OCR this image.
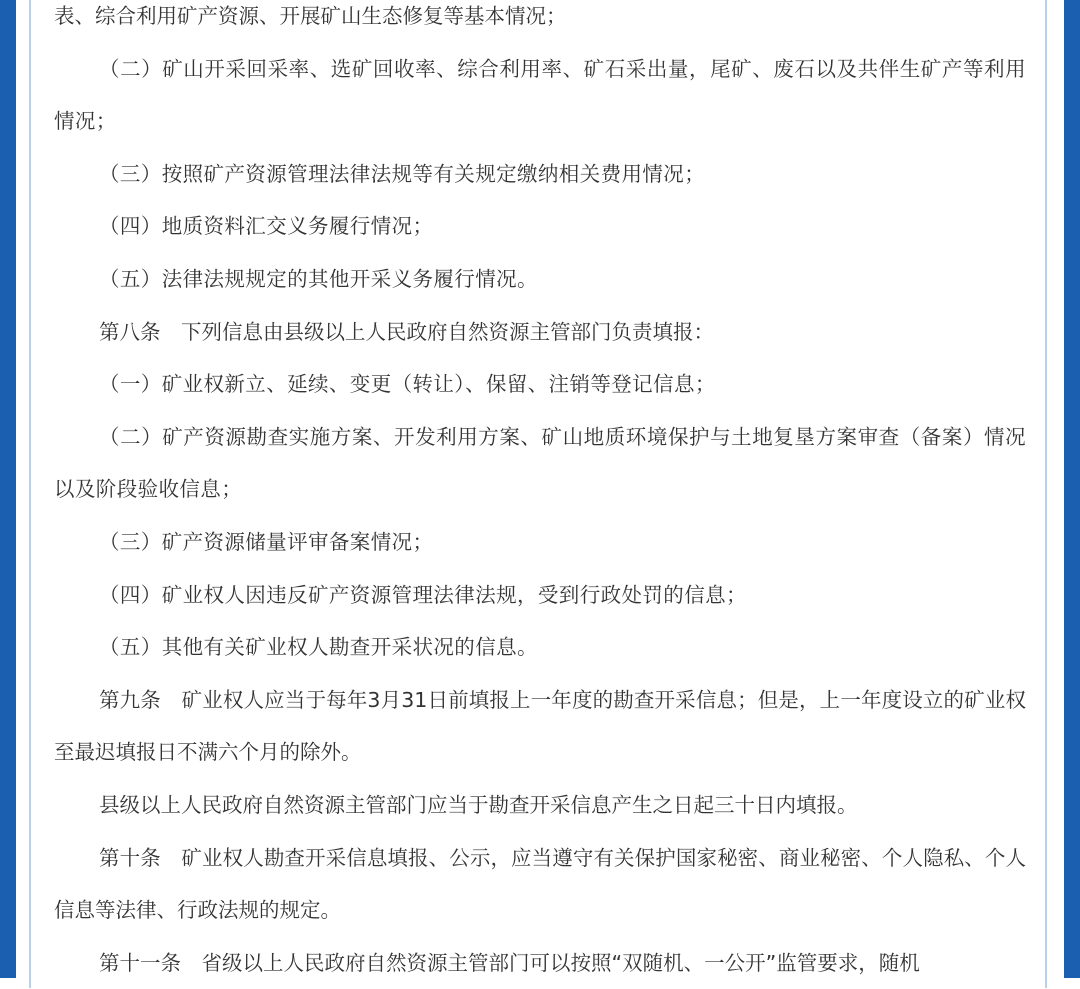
表、综合利用矿产资源、开展矿山生态修复等基本情况；

（二）矿山开采回采率、选矿回收率、综合利用率、矿石采出量，尾矿、废石以及共伴生矿产等利用情况；

（三）按照矿产资源管理法律法规等有关规定缴纳相关费用情况；

（四）地质资料汇交义务履行情况；

（五）法律法规规定的其他开采义务履行情况。

第八条　下列信息由县级以上人民政府自然资源主管部门负责填报：

（一）矿业权新立、延续、变更（转让）、保留、注销等登记信息；

（二）矿产资源勘查实施方案、开发利用方案、矿山地质环境保护与土地复垦方案审查（备案）情况以及阶段验收信息；

（三）矿产资源储量评审备案情况；

（四）矿业权人因违反矿产资源管理法律法规，受到行政处罚的信息；

（五）其他有关矿业权人勘查开采状况的信息。

第九条　矿业权人应当于每年3月31日前填报上一年度的勘查开采信息；但是，上一年度设立的矿业权至最迟填报日不满六个月的除外。

县级以上人民政府自然资源主管部门应当于勘查开采信息产生之日起三十日内填报。

第十条　矿业权人勘查开采信息填报、公示，应当遵守有关保护国家秘密、商业秘密、个人隐私、个人信息等法律、行政法规的规定。

第十一条　省级以上人民政府自然资源主管部门可以按照“双随机、一公开”监管要求，随机
